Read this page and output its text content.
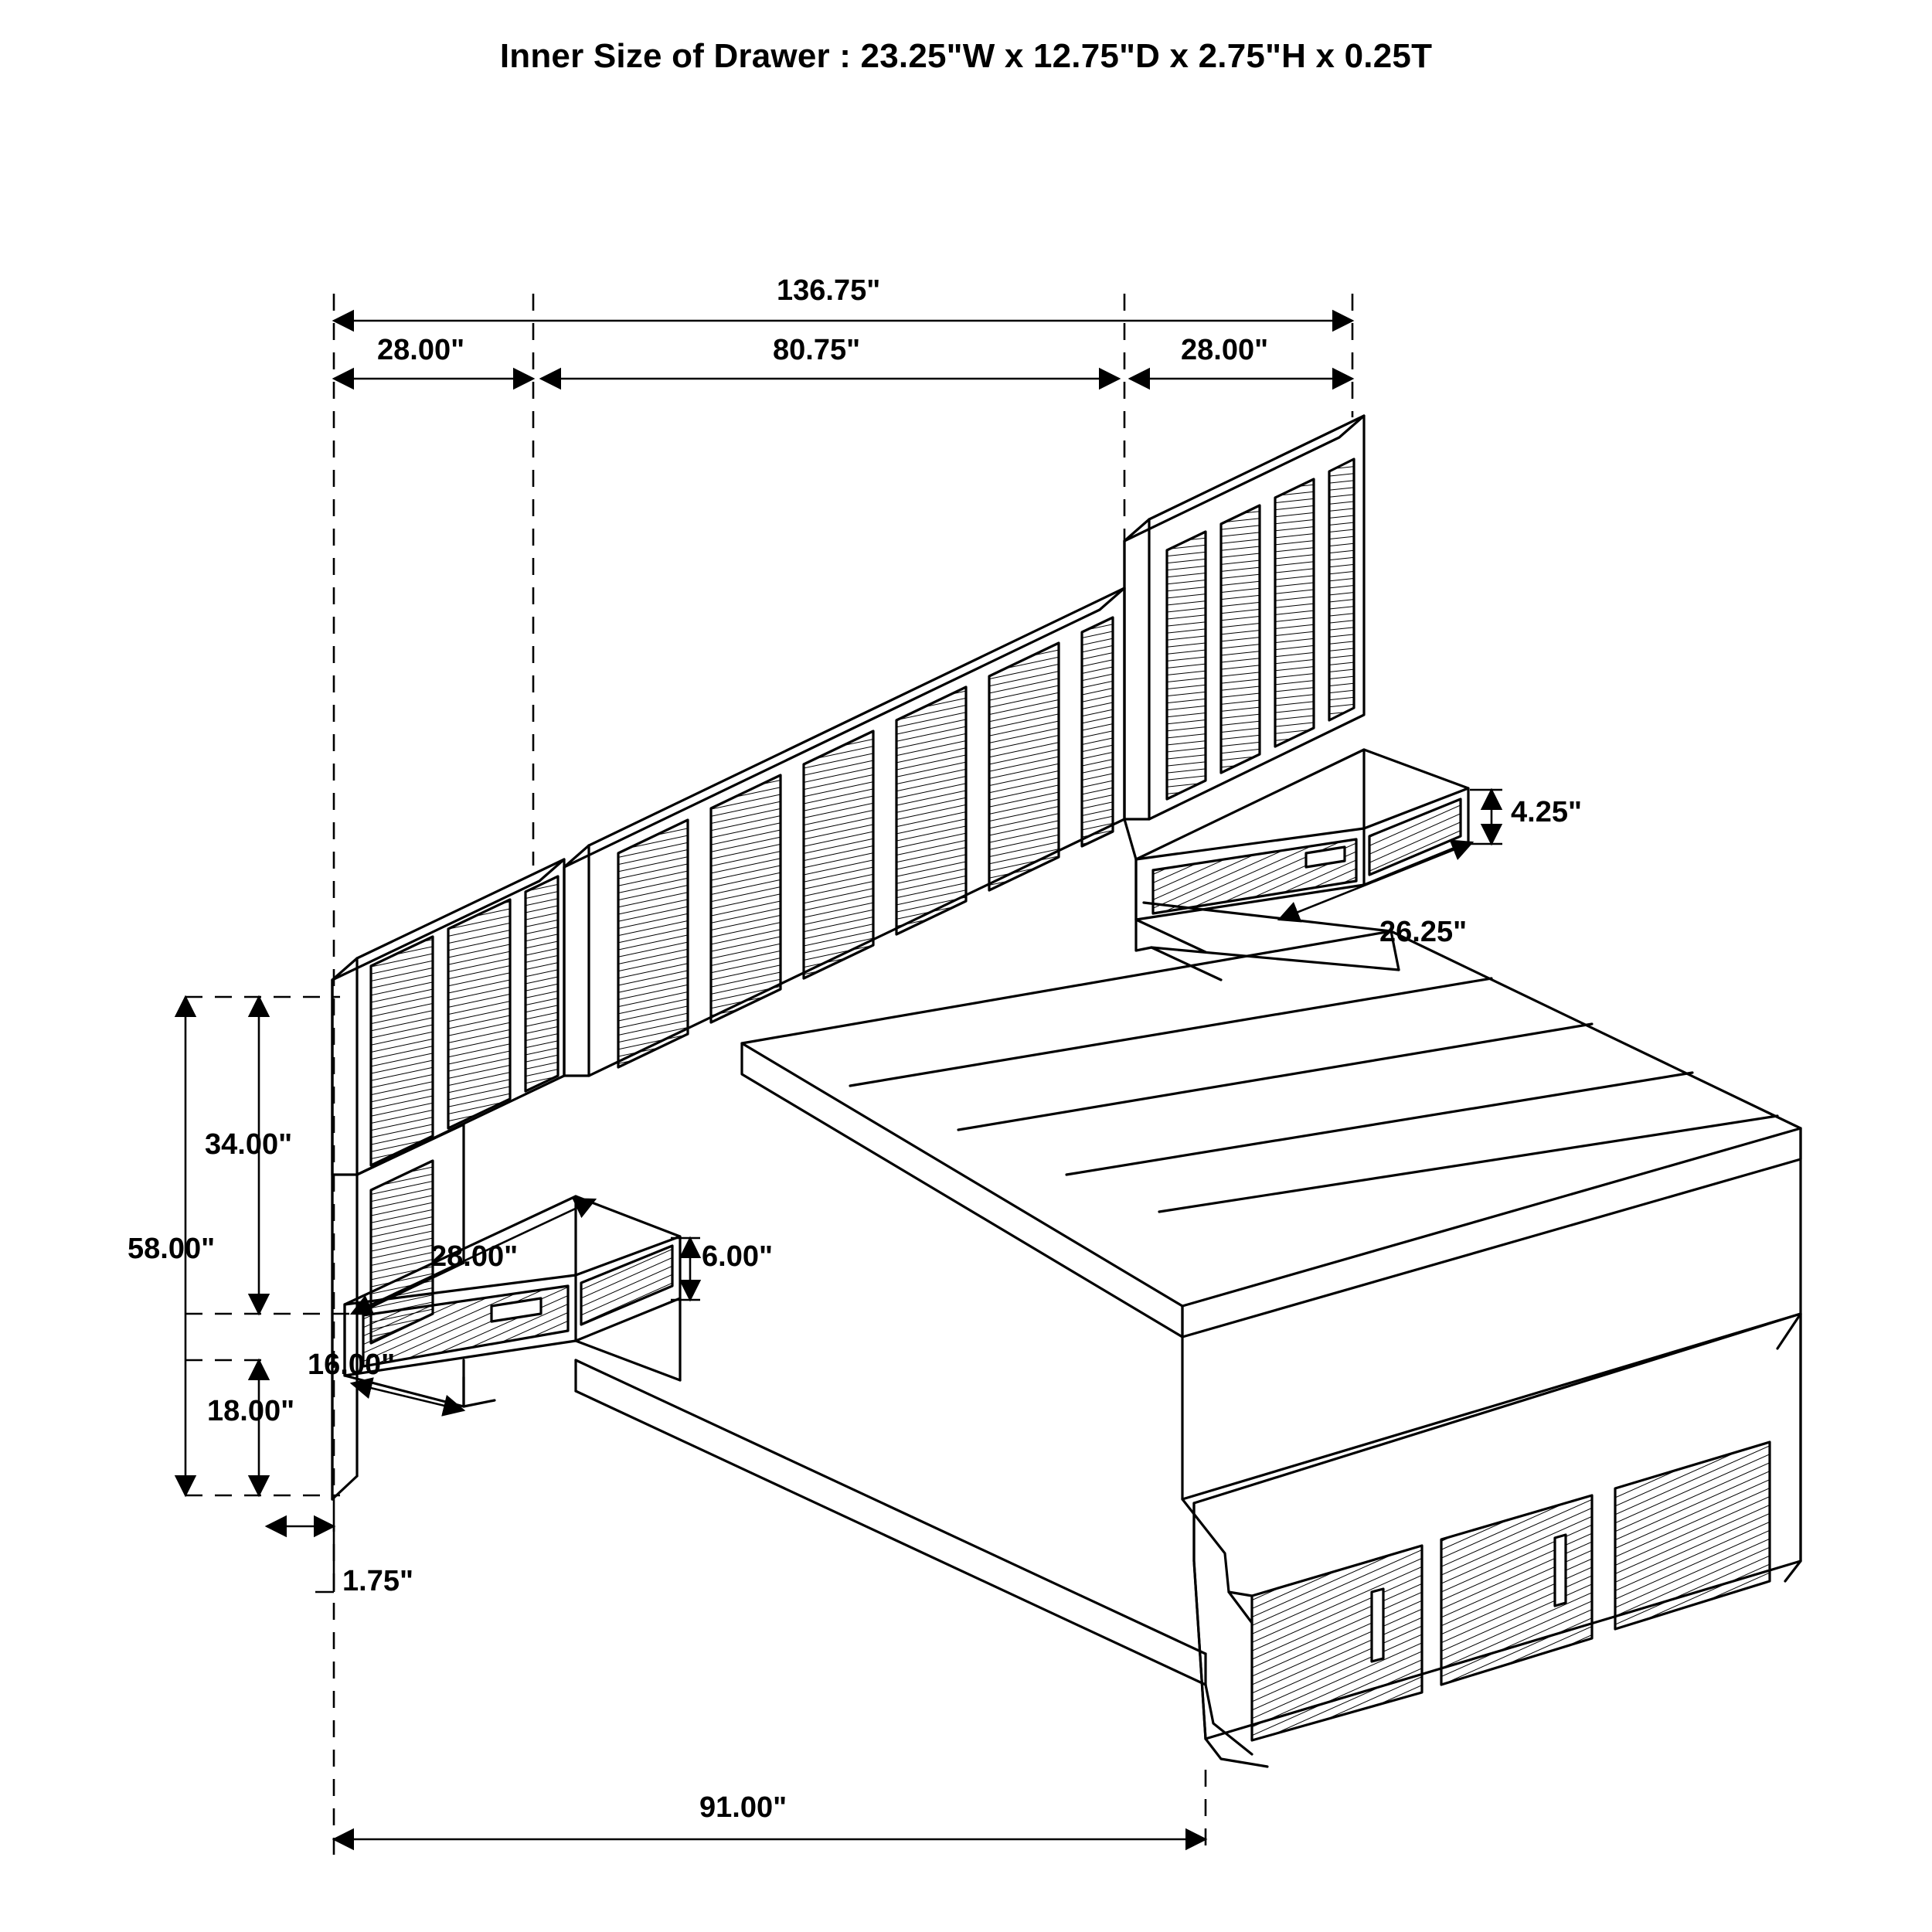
Inner Size of Drawer : 23.25"W x 12.75"D x 2.75"H x 0.25T
136.75"
28.00"	80.75"	28.00"
4.25"
26.25"
34.00"
58.00"
18.00"
28.00"	6.00"
16.00"
1.75"
91.00"
